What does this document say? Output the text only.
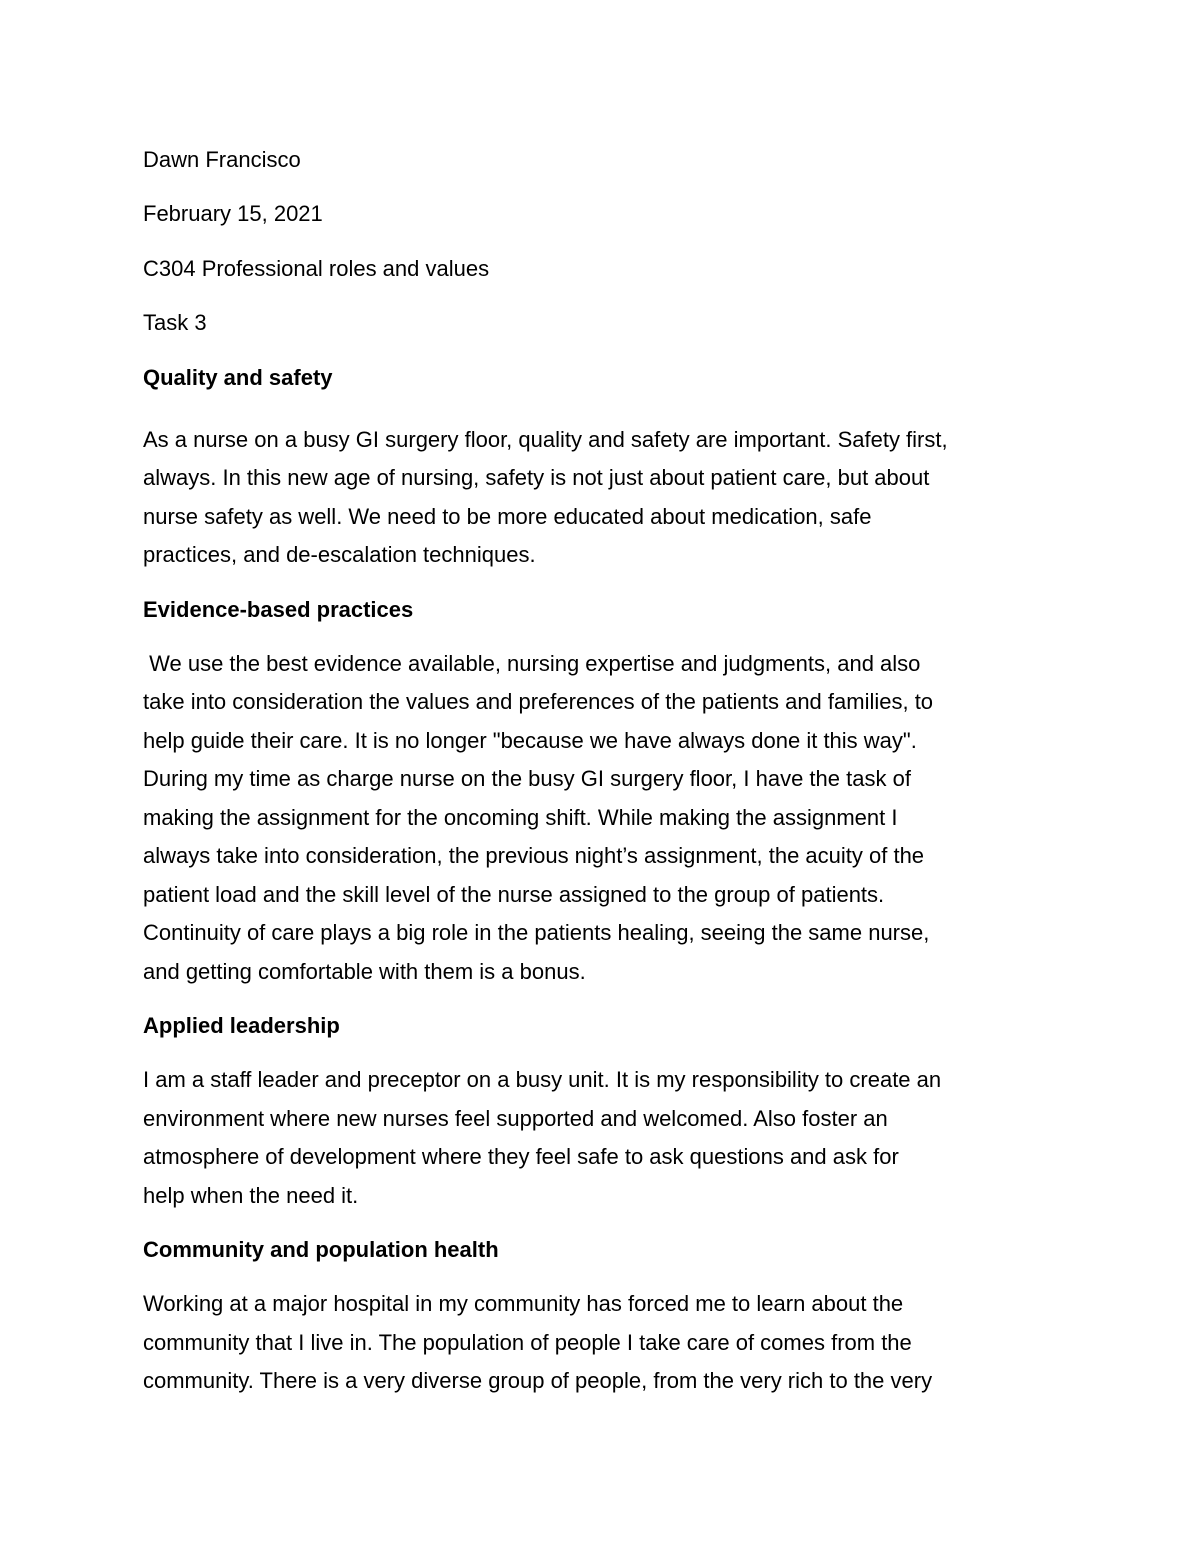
Dawn Francisco
February 15, 2021
C304 Professional roles and values
Task 3
Quality and safety
As a nurse on a busy GI surgery floor, quality and safety are important. Safety first,
always. In this new age of nursing, safety is not just about patient care, but about
nurse safety as well. We need to be more educated about medication, safe
practices, and de-escalation techniques.
Evidence-based practices
We use the best evidence available, nursing expertise and judgments, and also
take into consideration the values and preferences of the patients and families, to
help guide their care. It is no longer "because we have always done it this way".
During my time as charge nurse on the busy GI surgery floor, I have the task of
making the assignment for the oncoming shift. While making the assignment I
always take into consideration, the previous night’s assignment, the acuity of the
patient load and the skill level of the nurse assigned to the group of patients.
Continuity of care plays a big role in the patients healing, seeing the same nurse,
and getting comfortable with them is a bonus.
Applied leadership
I am a staff leader and preceptor on a busy unit. It is my responsibility to create an
environment where new nurses feel supported and welcomed. Also foster an
atmosphere of development where they feel safe to ask questions and ask for
help when the need it.
Community and population health
Working at a major hospital in my community has forced me to learn about the
community that I live in. The population of people I take care of comes from the
community. There is a very diverse group of people, from the very rich to the very
